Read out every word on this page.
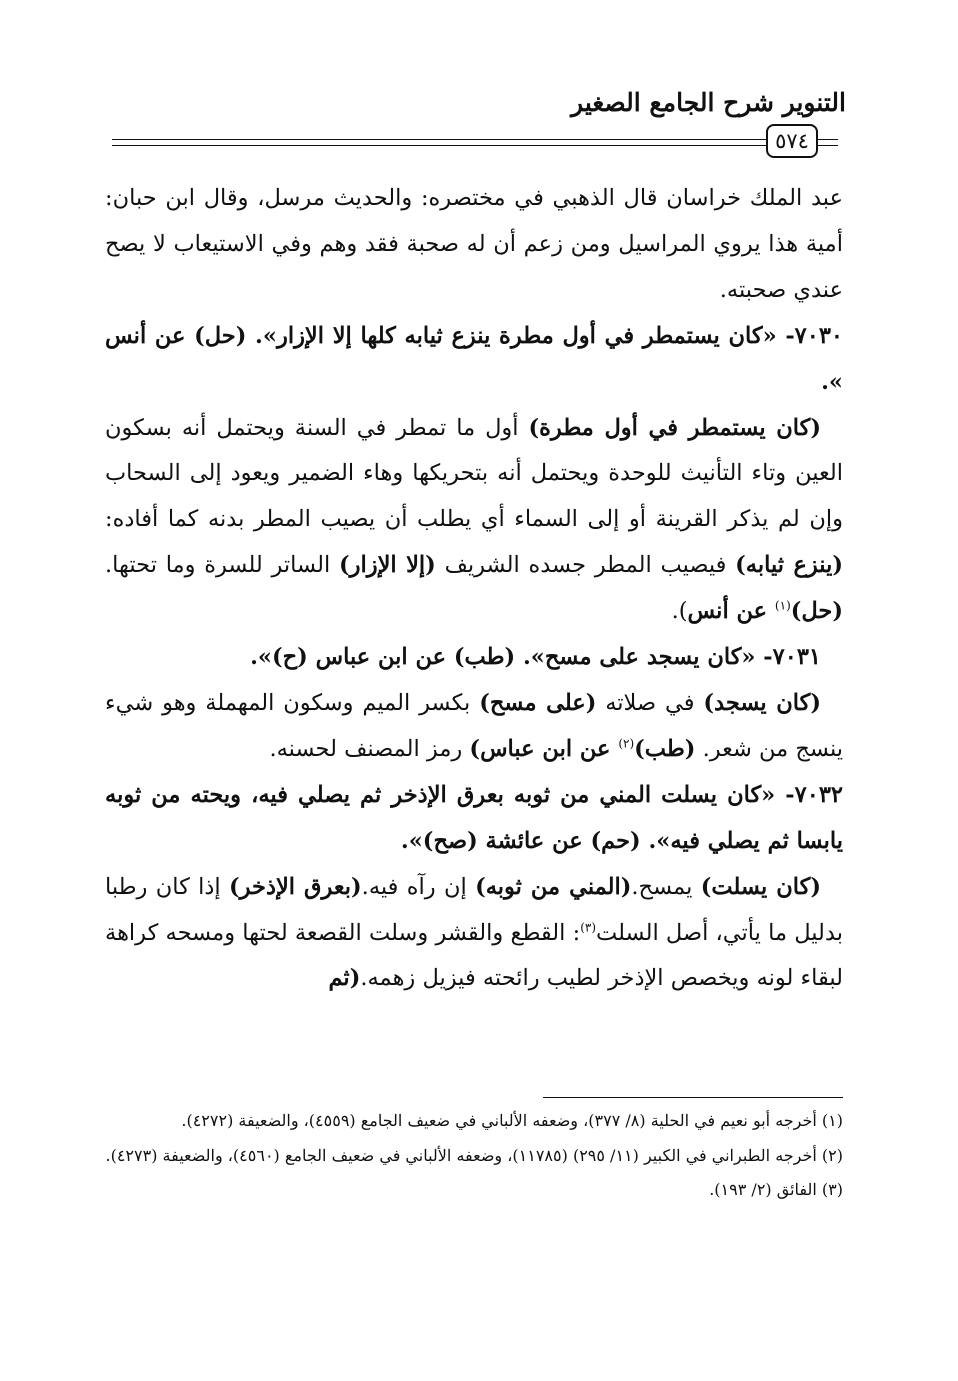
التنوير شرح الجامع الصغير
٥٧٤

عبد الملك خراسان قال الذهبي في مختصره: والحديث مرسل، وقال ابن حبان: أمية هذا يروي المراسيل ومن زعم أن له صحبة فقد وهم وفي الاستيعاب لا يصح عندي صحبته.

٧٠٣٠- «كان يستمطر في أول مطرة ينزع ثيابه كلها إلا الإزار». (حل) عن أنس ».

(كان يستمطر في أول مطرة) أول ما تمطر في السنة ويحتمل أنه بسكون العين وتاء التأنيث للوحدة ويحتمل أنه بتحريكها وهاء الضمير ويعود إلى السحاب وإن لم يذكر القرينة أو إلى السماء أي يطلب أن يصيب المطر بدنه كما أفاده: (ينزع ثيابه) فيصيب المطر جسده الشريف (إلا الإزار) الساتر للسرة وما تحتها. (حل)$^{(١)}$ عن أنس).

٧٠٣١- «كان يسجد على مسح». (طب) عن ابن عباس (ح)».

(كان يسجد) في صلاته (على مسح) بكسر الميم وسكون المهملة وهو شيء ينسج من شعر. (طب)$^{(٢)}$ عن ابن عباس) رمز المصنف لحسنه.

٧٠٣٢- «كان يسلت المني من ثوبه بعرق الإذخر ثم يصلي فيه، ويحته من ثوبه يابسا ثم يصلي فيه». (حم) عن عائشة (صح)».

(كان يسلت) يمسح.(المني من ثوبه) إن رآه فيه.(بعرق الإذخر) إذا كان رطبا بدليل ما يأتي، أصل السلت$^{(٣)}$: القطع والقشر وسلت القصعة لحتها ومسحه كراهة لبقاء لونه ويخصص الإذخر لطيب رائحته فيزيل زهمه.(ثم

(١) أخرجه أبو نعيم في الحلية (٨/ ٣٧٧)، وضعفه الألباني في ضعيف الجامع (٤٥٥٩)، والضعيفة (٤٢٧٢).

(٢) أخرجه الطبراني في الكبير (١١/ ٢٩٥) (١١٧٨٥)، وضعفه الألباني في ضعيف الجامع (٤٥٦٠)، والضعيفة (٤٢٧٣).

(٣) الفائق (٢/ ١٩٣).
